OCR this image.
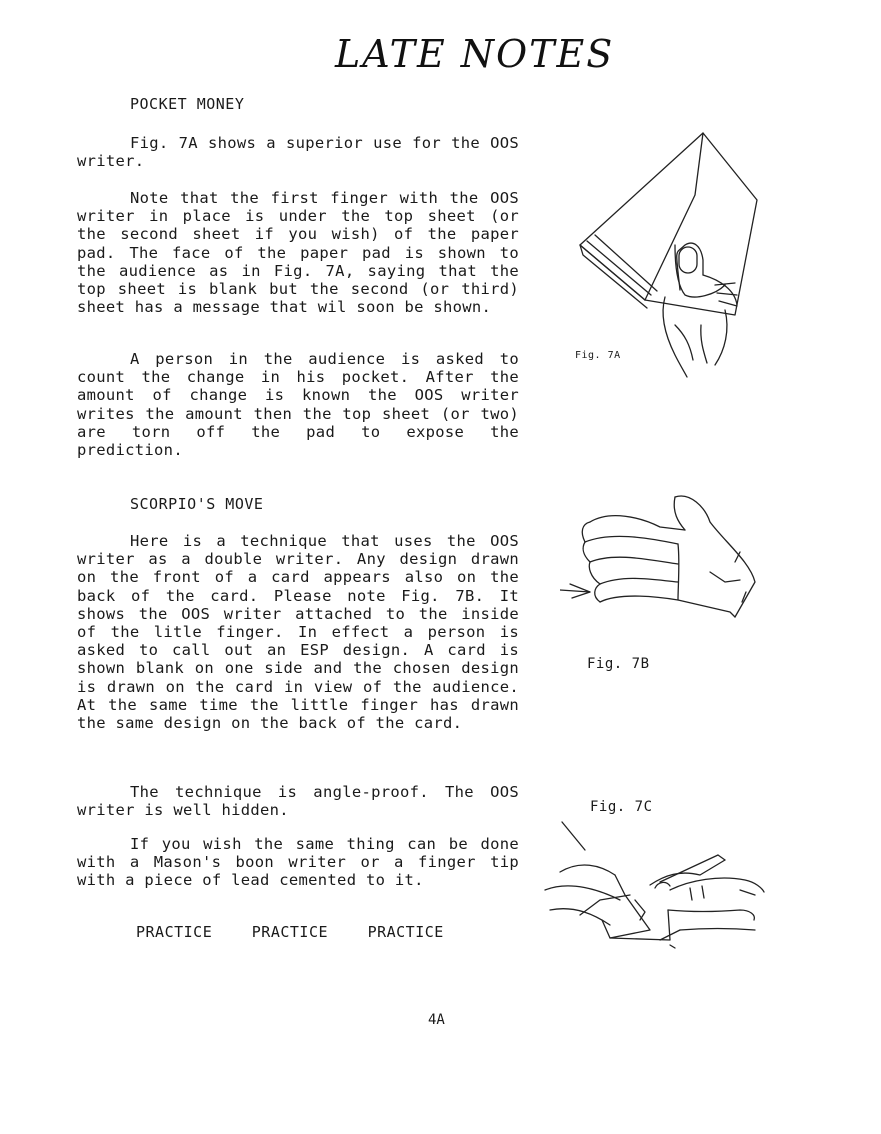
LATE NOTES
POCKET MONEY

Fig. 7A shows a superior use for the OOS writer.

Note that the first finger with the OOS writer in place is under the top sheet (or the second sheet if you wish) of the paper pad. The face of the paper pad is shown to the audience as in Fig. 7A, saying that the top sheet is blank but the second (or third) sheet has a message that wil soon be shown.

A person in the audience is asked to count the change in his pocket. After the amount of change is known the OOS writer writes the amount then the top sheet (or two) are torn off the pad to expose the prediction.

SCORPIO'S MOVE

Here is a technique that uses the OOS writer as a double writer. Any design drawn on the front of a card appears also on the back of the card. Please note Fig. 7B. It shows the OOS writer attached to the inside of the litle finger. In effect a person is asked to call out an ESP design. A card is shown blank on one side and the chosen design is drawn on the card in view of the audience. At the same time the little finger has drawn the same design on the back of the card.

The technique is angle-proof. The OOS writer is well hidden.

If you wish the same thing can be done with a Mason's boon writer or a finger tip with a piece of lead cemented to it.

Fig. 7A
Fig. 7B
Fig. 7C
PRACTICE	PRACTICE	PRACTICE
4A
